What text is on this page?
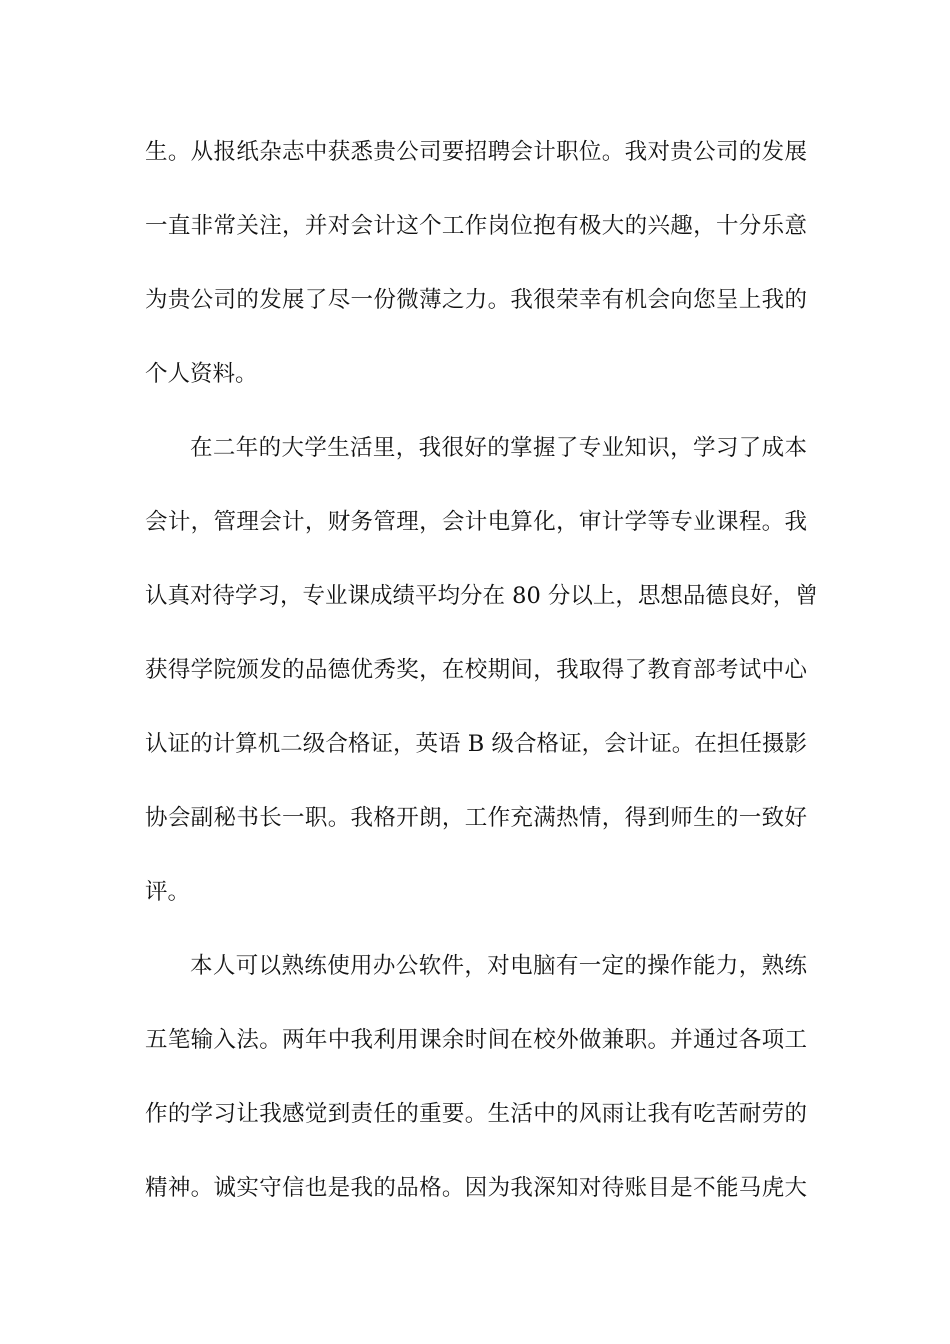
生。从报纸杂志中获悉贵公司要招聘会计职位。我对贵公司的发展
一直非常关注，并对会计这个工作岗位抱有极大的兴趣，十分乐意
为贵公司的发展了尽一份微薄之力。我很荣幸有机会向您呈上我的
个人资料。
在二年的大学生活里，我很好的掌握了专业知识，学习了成本
会计，管理会计，财务管理，会计电算化，审计学等专业课程。我
认真对待学习，专业课成绩平均分在 80 分以上，思想品德良好，曾
获得学院颁发的品德优秀奖，在校期间，我取得了教育部考试中心
认证的计算机二级合格证，英语 B 级合格证，会计证。在担任摄影
协会副秘书长一职。我格开朗，工作充满热情，得到师生的一致好
评。
本人可以熟练使用办公软件，对电脑有一定的操作能力，熟练
五笔输入法。两年中我利用课余时间在校外做兼职。并通过各项工
作的学习让我感觉到责任的重要。生活中的风雨让我有吃苦耐劳的
精神。诚实守信也是我的品格。因为我深知对待账目是不能马虎大
